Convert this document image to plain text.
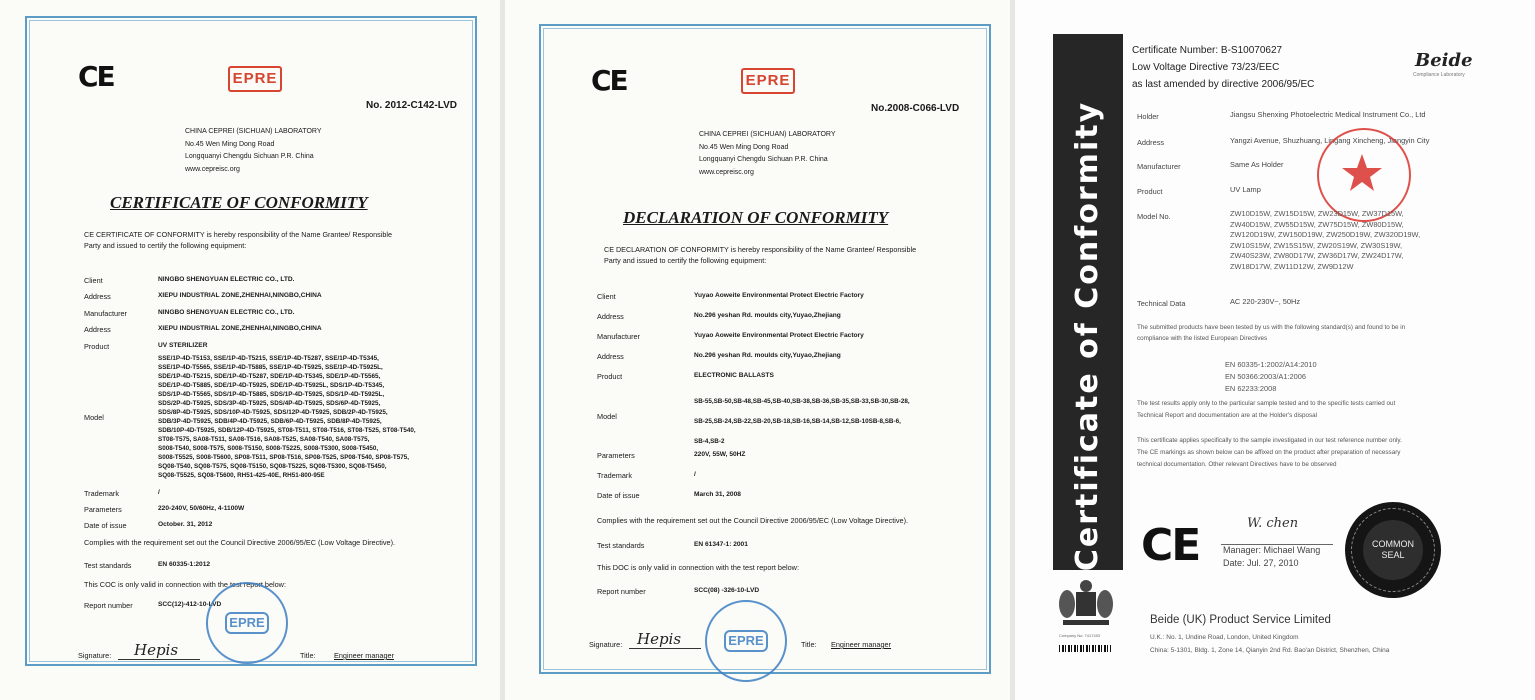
CE	EPRE
No. 2012-C142-LVD
CHINA CEPREI (SICHUAN) LABORATORY
No.45 Wen Ming Dong Road
Longquanyi Chengdu Sichuan P.R. China
www.cepreisc.org
CERTIFICATE OF CONFORMITY
CE CERTIFICATE OF CONFORMITY is hereby responsibility of the Name Grantee/ Responsible Party and issued to certify the following equipment:
Client	NINGBO SHENGYUAN ELECTRIC CO., LTD.
Address	XIEPU INDUSTRIAL ZONE,ZHENHAI,NINGBO,CHINA
Manufacturer	NINGBO SHENGYUAN ELECTRIC CO., LTD.
Address	XIEPU INDUSTRIAL ZONE,ZHENHAI,NINGBO,CHINA
Product	UV STERILIZER
Model
SSE/1P-4D-T5153, SSE/1P-4D-T5215, SSE/1P-4D-T5287, SSE/1P-4D-T5345,
SSE/1P-4D-T5565, SSE/1P-4D-T5885, SSE/1P-4D-T5925, SSE/1P-4D-T5925L,
SDE/1P-4D-T5215, SDE/1P-4D-T5287, SDE/1P-4D-T5345, SDE/1P-4D-T5565,
SDE/1P-4D-T5885, SDE/1P-4D-T5925, SDE/1P-4D-T5925L, SDS/1P-4D-T5345,
SDS/1P-4D-T5565, SDS/1P-4D-T5885, SDS/1P-4D-T5925, SDS/1P-4D-T5925L,
SDS/2P-4D-T5925, SDS/3P-4D-T5925, SDS/4P-4D-T5925, SDS/6P-4D-T5925,
SDS/8P-4D-T5925, SDS/10P-4D-T5925, SDS/12P-4D-T5925, SDB/2P-4D-T5925,
SDB/3P-4D-T5925, SDB/4P-4D-T5925, SDB/6P-4D-T5925, SDB/8P-4D-T5925,
SDB/10P-4D-T5925, SDB/12P-4D-T5925, ST08-T511, ST08-T516, ST08-T525, ST08-T540,
ST08-T575, SA08-T511, SA08-T516, SA08-T525, SA08-T540, SA08-T575,
S008-T540, S008-T575, S008-T5150, S008-T5225, S008-T5300, S008-T5450,
S008-T5525, S008-T5600, SP08-T511, SP08-T516, SP08-T525, SP08-T540, SP08-T575,
SQ08-T540, SQ08-T575, SQ08-T5150, SQ08-T5225, SQ08-T5300, SQ08-T5450,
SQ08-T5525, SQ08-T5600, RH51-425-40E, RH51-800-95E
Trademark	/
Parameters	220-240V, 50/60Hz, 4-1100W
Date of issue	October. 31, 2012
Complies with the requirement set out the Council Directive 2006/95/EC (Low Voltage Directive).
Test standards	EN 60335-1:2012
This COC is only valid in connection with the test report below:
Report number	SCC(12)-412-10-LVD
EPRE
Signature: Hepis	Title:	Engineer manager
CE	EPRE
No.2008-C066-LVD
CHINA CEPREI (SICHUAN) LABORATORY
No.45 Wen Ming Dong Road
Longquanyi Chengdu Sichuan P.R. China
www.cepreisc.org
DECLARATION OF CONFORMITY
CE DECLARATION OF CONFORMITY is hereby responsibility of the Name Grantee/ Responsible Party and issued to certify the following equipment:
Client	Yuyao Aoweite Environmental Protect Electric Factory
Address	No.296 yeshan Rd. moulds city,Yuyao,Zhejiang
Manufacturer	Yuyao Aoweite Environmental Protect Electric Factory
Address	No.296 yeshan Rd. moulds city,Yuyao,Zhejiang
Product	ELECTRONIC BALLASTS
Model
SB-55,SB-50,SB-48,SB-45,SB-40,SB-38,SB-36,SB-35,SB-33,SB-30,SB-28,
SB-25,SB-24,SB-22,SB-20,SB-18,SB-16,SB-14,SB-12,SB-10SB-8,SB-6,
SB-4,SB-2
Parameters	220V, 55W, 50HZ
Trademark	/
Date of issue	March 31, 2008
Complies with the requirement set out the Council Directive 2006/95/EC (Low Voltage Directive).
Test standards	EN 61347-1: 2001
This DOC is only valid in connection with the test report below:
Report number	SCC(08) -326-10-LVD
EPRE
Signature: Hepis	Title: Engineer manager
Certificate of Conformity
Certificate Number: B-S10070627
Low Voltage Directive 73/23/EEC
as last amended by directive 2006/95/EC
Beide
Compliance Laboratory
Holder	Jiangsu Shenxing Photoelectric Medical Instrument Co., Ltd
Address	Yangzi Avenue, Shuzhuang, Lingang Xincheng, Jiangyin City
Manufacturer	Same As Holder
Product	UV Lamp
Model No.	ZW10D15W, ZW15D15W, ZW23D15W, ZW37D15W,
ZW40D15W, ZW55D15W, ZW75D15W, ZW80D15W,
ZW120D19W, ZW150D19W, ZW250D19W, ZW320D19W,
ZW10S15W, ZW15S15W, ZW20S19W, ZW30S19W,
ZW40S23W, ZW80D17W, ZW36D17W, ZW24D17W,
ZW18D17W, ZW11D12W, ZW9D12W
Technical Data	AC 220-230V~, 50Hz
The submitted products have been tested by us with the following standard(s) and found to be in
compliance with the listed European Directives
EN 60335-1:2002/A14:2010
EN 50366:2003/A1:2006
EN 62233:2008
The test results apply only to the particular sample tested and to the specific tests carried out
Technical Report and documentation are at the Holder's disposal
This certificate applies specifically to the sample investigated in our test reference number only.
The CE markings as shown below can be affixed on the product after preparation of necessary
technical documentation. Other relevant Directives have to be observed
CE	W. chen
Manager: Michael Wang
Date: Jul. 27, 2010
COMMON SEAL
Company No: 7417493
Beide (UK) Product Service Limited
U.K.: No. 1, Undine Road, London, United Kingdom
China: 5-1301, Bldg. 1, Zone 14, Qianyin 2nd Rd. Bao'an District, Shenzhen, China
